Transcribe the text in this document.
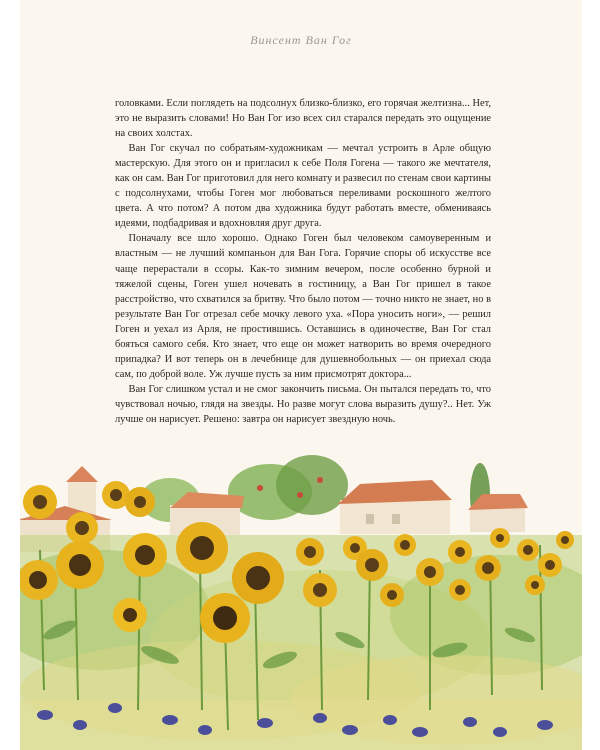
Винсент Ван Гог

головками. Если поглядеть на подсолнух близко-близко, его горячая желтизна... Нет, это не выразить словами! Но Ван Гог изо всех сил старался передать это ощущение на своих холстах.

Ван Гог скучал по собратьям-художникам — мечтал устроить в Арле общую мастерскую. Для этого он и пригласил к себе Поля Гогена — такого же мечтателя, как он сам. Ван Гог приготовил для него комнату и развесил по стенам свои картины с подсолнухами, чтобы Гоген мог любоваться переливами роскошного желтого цвета. А что потом? А потом два художника будут работать вместе, обмениваясь идеями, подбадривая и вдохновляя друг друга.

Поначалу все шло хорошо. Однако Гоген был человеком самоуверенным и властным — не лучший компаньон для Ван Гога. Горячие споры об искусстве все чаще перерастали в ссоры. Как-то зимним вечером, после особенно бурной и тяжелой сцены, Гоген ушел ночевать в гостиницу, а Ван Гог пришел в такое расстройство, что схватился за бритву. Что было потом — точно никто не знает, но в результате Ван Гог отрезал себе мочку левого уха. «Пора уносить ноги», — решил Гоген и уехал из Арля, не простившись. Оставшись в одиночестве, Ван Гог стал бояться самого себя. Кто знает, что еще он может натворить во время очередного припадка? И вот теперь он в лечебнице для душевнобольных — он приехал сюда сам, по доброй воле. Уж лучше пусть за ним присмотрят доктора...

Ван Гог слишком устал и не смог закончить письма. Он пытался передать то, что чувствовал ночью, глядя на звезды. Но разве могут слова выразить душу?.. Нет. Уж лучше он нарисует. Решено: завтра он нарисует звездную ночь.
